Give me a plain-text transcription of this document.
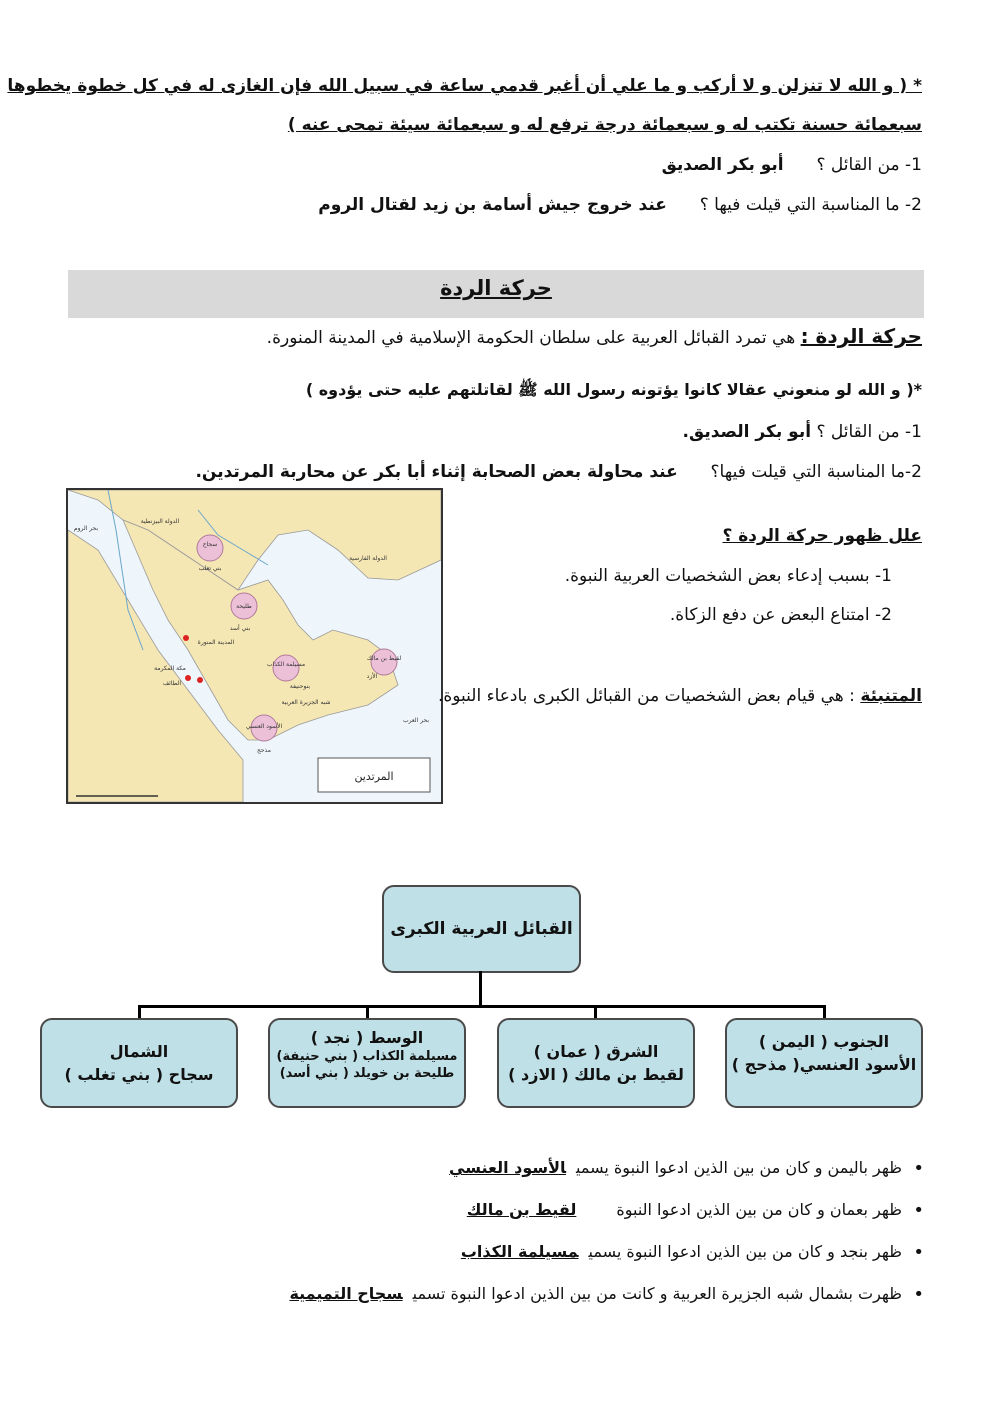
* ( و الله لا تنزلن و لا أركب و ما علي أن أغبر قدمي ساعة في سبيل الله فإن الغازى له في كل خطوة يخطوها
سبعمائة حسنة تكتب له و سبعمائة درجة ترفع له و سبعمائة سيئة تمحى عنه )
1- من القائل ؟  أبو بكر الصديق
2- ما المناسبة التي قيلت فيها ؟  عند خروج جيش أسامة بن زيد لقتال الروم
حركة الردة
حركة الردة : هي تمرد القبائل العربية على سلطان الحكومة الإسلامية في المدينة المنورة.
*( و الله لو منعوني عقالا كانوا يؤتونه رسول الله ﷺ لقاتلتهم عليه حتى يؤدوه )
1- من القائل ؟ أبو بكر الصديق.
2-ما المناسبة التي قيلت فيها؟  عند محاولة بعض الصحابة إثناء أبا بكر عن محاربة المرتدين.
الدولة البيزنطية
بحر الروم
الدولة الفارسية
سجاح
بني تغلب
طليحة
بني أسد
المدينة المنورة
مكة المكرمة
الطائف
مسيلمة الكذاب
بنوحنيفة
لقيط بن مالك
الأزد
شبه الجزيرة العربية
بحر العرب
الأسود العنسي
مذحج
المرتدين
علل ظهور حركة الردة ؟
1- بسبب إدعاء بعض الشخصيات العربية النبوة.
2- امتناع البعض عن دفع الزكاة.
المتنبئة : هي قيام بعض الشخصيات من القبائل الكبرى بادعاء النبوة.
القبائل العربية الكبرى
الشمال
سجاح ( بني تغلب )
الوسط ( نجد )
مسيلمة الكذاب ( بني حنيفة)
طليحة بن خويلد ( بني أسد)
الشرق ( عمان )
لقيط بن مالك ( الازد )
الجنوب ( اليمن )
الأسود العنسي( مذحج )
• ظهر باليمن و كان من بين الذين ادعوا النبوة يسميالأسود العنسي
• ظهر بعمان و كان من بين الذين ادعوا النبوةلقيط بن مالك
• ظهر بنجد و كان من بين الذين ادعوا النبوة يسميمسيلمة الكذاب
• ظهرت بشمال شبه الجزيرة العربية و كانت من بين الذين ادعوا النبوة تسميسجاح التميمية
